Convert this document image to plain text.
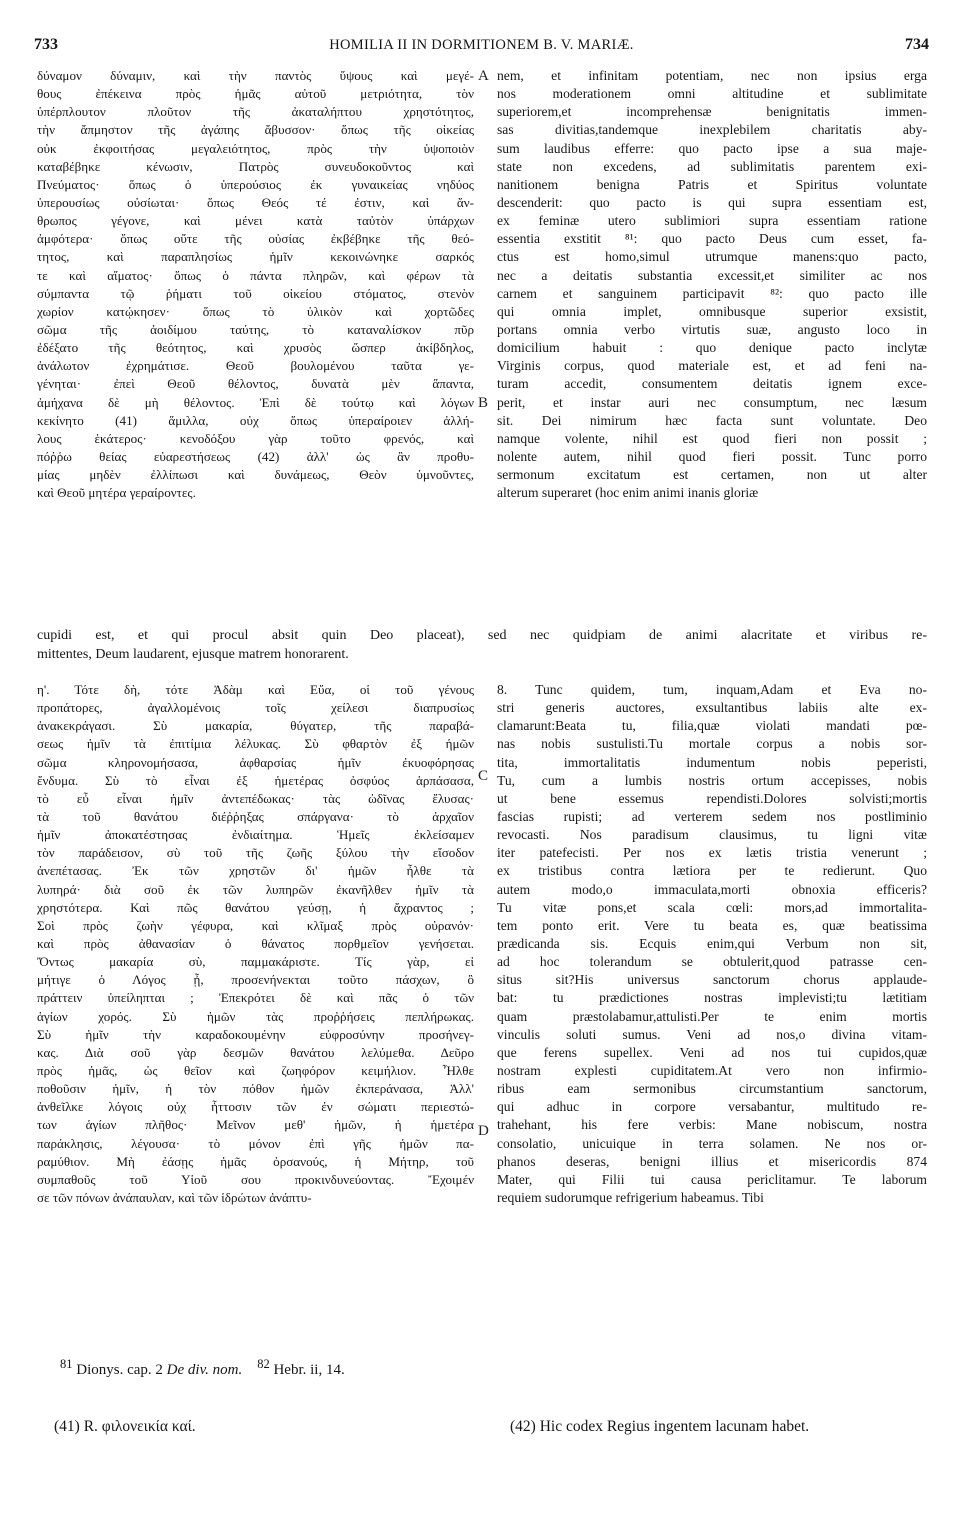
733	HOMILIA II IN DORMITIONEM B. V. MARIÆ.	734
δύναμον δύναμιν, καὶ τὴν παντὸς ὕψους καὶ μεγέ-
θους ἐπέκεινα πρὸς ἡμᾶς αὐτοῦ μετριότητα, τὸν
ὑπέρπλουτον πλοῦτον τῆς ἀκαταλήπτου χρηστότητος,
τὴν ἄπμηστον τῆς ἀγάπης ἄβυσσον· ὅπως τῆς οἰκείας
οὐκ ἐκφοιτήσας μεγαλειότητος, πρὸς τὴν ὑψοποιὸν
καταβέβηκε κένωσιν, Πατρὸς συνευδοκοῦντος καὶ
Πνεύματος· ὅπως ὁ ὑπερούσιος ἐκ γυναικείας νηδύος
ὑπερουσίως οὐσίωται· ὅπως Θεός τέ ἐστιν, καὶ ἄν-
θρωπος γέγονε, καὶ μένει κατὰ ταὐτὸν ὑπάρχων
ἀμφότερα· ὅπως οὔτε τῆς οὐσίας ἐκβέβηκε τῆς θεό-
τητος, καὶ παραπλησίως ἡμῖν κεκοινώνηκε σαρκός
τε καὶ αἵματος· ὅπως ὁ πάντα πληρῶν, καὶ φέρων τὰ
σύμπαντα τῷ ῥήματι τοῦ οἰκείου στόματος, στενὸν
χωρίον κατῴκησεν· ὅπως τὸ ὑλικὸν καὶ χορτῶδες
σῶμα τῆς ἀοιδίμου ταύτης, τὸ καταναλίσκον πῦρ
ἐδέξατο τῆς θεότητος, καὶ χρυσὸς ὥσπερ ἀκίβδηλος,
ἀνάλωτον ἐχρημάτισε. Θεοῦ βουλομένου ταῦτα γε-
γένηται· ἐπεὶ Θεοῦ θέλοντος, δυνατὰ μὲν ἅπαντα,
ἀμήχανα δὲ μὴ θέλοντος. Ἐπὶ δὲ τούτῳ καὶ λόγων
κεκίνητο (41) ἅμιλλα, οὐχ ὅπως ὑπεραίροιεν ἀλλή-
λους ἑκάτερος· κενοδόξου γὰρ τοῦτο φρενός, καὶ
πόῤῥω θείας εὐαρεστήσεως (42) ἀλλ' ὡς ἂν προθυ-
μίας μηδὲν ἐλλίπωσι καὶ δυνάμεως, Θεὸν ὑμνοῦντες,
καὶ Θεοῦ μητέρα γεραίροντες.
nem, et infinitam potentiam, nec non ipsius erga
nos moderationem omni altitudine et sublimitate
superiorem,et incomprehensæ benignitatis immen-
sas divitias,tandemque inexplebilem charitatis aby-
sum laudibus efferre: quo pacto ipse a sua maje-
state non excedens, ad sublimitatis parentem exi-
nanitionem benigna Patris et Spiritus voluntate
descenderit: quo pacto is qui supra essentiam est,
ex feminæ utero sublimiori supra essentiam ratione
essentia exstitit ⁸¹: quo pacto Deus cum esset, fa-
ctus est homo,simul utrumque manens:quo pacto,
nec a deitatis substantia excessit,et similiter ac nos
carnem et sanguinem participavit ⁸²: quo pacto ille
qui omnia implet, omnibusque superior exsistit,
portans omnia verbo virtutis suæ, angusto loco in
domicilium habuit : quo denique pacto inclytæ
Virginis corpus, quod materiale est, et ad feni na-
turam accedit, consumentem deitatis ignem exce-
perit, et instar auri nec consumptum, nec læsum
sit. Dei nimirum hæc facta sunt voluntate. Deo
namque volente, nihil est quod fieri non possit ;
nolente autem, nihil quod fieri possit. Tunc porro
sermonum excitatum est certamen, non ut alter
alterum superaret (hoc enim animi inanis gloriæ
A
B
cupidi est, et qui procul absit quin Deo placeat), sed nec quidpiam de animi alacritate et viribus re-
mittentes, Deum laudarent, ejusque matrem honorarent.
η'. Τότε δὴ, τότε Ἀδὰμ καὶ Εὔα, οἱ τοῦ γένους
προπάτορες, ἀγαλλομένοις τοῖς χείλεσι διαπρυσίως
ἀνακεκράγασι. Σὺ μακαρία, θύγατερ, τῆς παραβά-
σεως ἡμῖν τὰ ἐπιτίμια λέλυκας. Σὺ φθαρτὸν ἐξ ἡμῶν
σῶμα κληρονομήσασα, ἀφθαρσίας ἡμῖν ἐκυοφόρησας
ἔνδυμα. Σὺ τὸ εἶναι ἐξ ἡμετέρας ὀσφύος ἁρπάσασα,
τὸ εὖ εἶναι ἡμῖν ἀντεπέδωκας· τὰς ὠδῖνας ἔλυσας·
τὰ τοῦ θανάτου διέῤῥηξας σπάργανα· τὸ ἀρχαῖον
ἡμῖν ἀποκατέστησας ἐνδιαίτημα. Ἡμεῖς ἐκλείσαμεν
τὸν παράδεισον, σὺ τοῦ τῆς ζωῆς ξύλου τὴν εἴσοδον
ἀνεπέτασας. Ἐκ τῶν χρηστῶν δι' ἡμῶν ἦλθε τὰ
λυπηρά· διὰ σοῦ ἐκ τῶν λυπηρῶν ἐκανῆλθεν ἡμῖν τὰ
χρηστότερα. Καὶ πῶς θανάτου γεύσῃ, ἡ ἄχραντος ;
Σοὶ πρὸς ζωὴν γέφυρα, καὶ κλῖμαξ πρὸς οὐρανόν·
καὶ πρὸς ἀθανασίαν ὁ θάνατος πορθμεῖον γενήσεται.
Ὄντως μακαρία σὺ, παμμακάριστε. Τίς γὰρ, εἰ
μήτιγε ὁ Λόγος ᾖ, προσενήνεκται τοῦτο πάσχων, ὃ
πράττειν ὑπείληπται ; Ἐπεκρότει δὲ καὶ πᾶς ὁ τῶν
ἁγίων χορός. Σὺ ἡμῶν τὰς προῤῥήσεις πεπλήρωκας.
Σὺ ἡμῖν τὴν καραδοκουμένην εὐφροσύνην προσήνεγ-
κας. Διὰ σοῦ γὰρ δεσμῶν θανάτου λελύμεθα. Δεῦρο
πρὸς ἡμᾶς, ὡς θεῖον καὶ ζωηφόρον κειμήλιον. Ἦλθε
ποθοῦσιν ἡμῖν, ἡ τὸν πόθον ἡμῶν ἐκπεράνασα, Ἀλλ'
ἀνθεῖλκε λόγοις οὐχ ἧττοσιν τῶν ἐν σώματι περιεστώ-
των ἁγίων πλῆθος· Μεῖνον μεθ' ἡμῶν, ἡ ἡμετέρα
παράκλησις, λέγουσα· τὸ μόνον ἐπὶ γῆς ἡμῶν πα-
ραμύθιον. Μὴ ἐάσῃς ἡμᾶς ὀρσανούς, ἡ Μήτηρ, τοῦ
συμπαθοῦς τοῦ Υἱοῦ σου προκινδυνεύοντας. Ἔχοιμέν
σε τῶν πόνων ἀνάπαυλαν, καὶ τῶν ἱδρώτων ἀνάπτυ-
8. Tunc quidem, tum, inquam,Adam et Eva no-
stri generis auctores, exsultantibus labiis alte ex-
clamarunt:Beata tu, filia,quæ violati mandati pœ-
nas nobis sustulisti.Tu mortale corpus a nobis sor-
tita, immortalitatis indumentum nobis peperisti,
Tu, cum a lumbis nostris ortum accepisses, nobis
ut bene essemus rependisti.Dolores solvisti;mortis
fascias rupisti; ad verterem sedem nos postliminio
revocasti. Nos paradisum clausimus, tu ligni vitæ
iter patefecisti. Per nos ex lætis tristia venerunt ;
ex tristibus contra lætiora per te redierunt. Quo
autem modo,o immaculata,morti obnoxia efficeris?
Tu vitæ pons,et scala cœli: mors,ad immortalita-
tem ponto erit. Vere tu beata es, quæ beatissima
prædicanda sis. Ecquis enim,qui Verbum non sit,
ad hoc tolerandum se obtulerit,quod patrasse cen-
situs sit?His universus sanctorum chorus applaude-
bat: tu prædictiones nostras implevisti;tu lætitiam
quam præstolabamur,attulisti.Per te enim mortis
vinculis soluti sumus. Veni ad nos,o divina vitam-
que ferens supellex. Veni ad nos tui cupidos,quæ
nostram explesti cupiditatem.At vero non infirmio-
ribus eam sermonibus circumstantium sanctorum,
qui adhuc in corpore versabantur, multitudo re-
trahehant, his fere verbis: Mane nobiscum, nostra
consolatio, unicuique in terra solamen. Ne nos or-
phanos deseras, benigni illius et misericordis 874
Mater, qui Filii tui causa periclitamur. Te laborum
requiem sudorumque refrigerium habeamus. Tibi
C
D
$^{81}$ Dionys. cap. 2 De div. nom. $^{82}$ Hebr. ii, 14.
(41) R. φιλονεικία καί.	(42) Hic codex Regius ingentem lacunam habet.
